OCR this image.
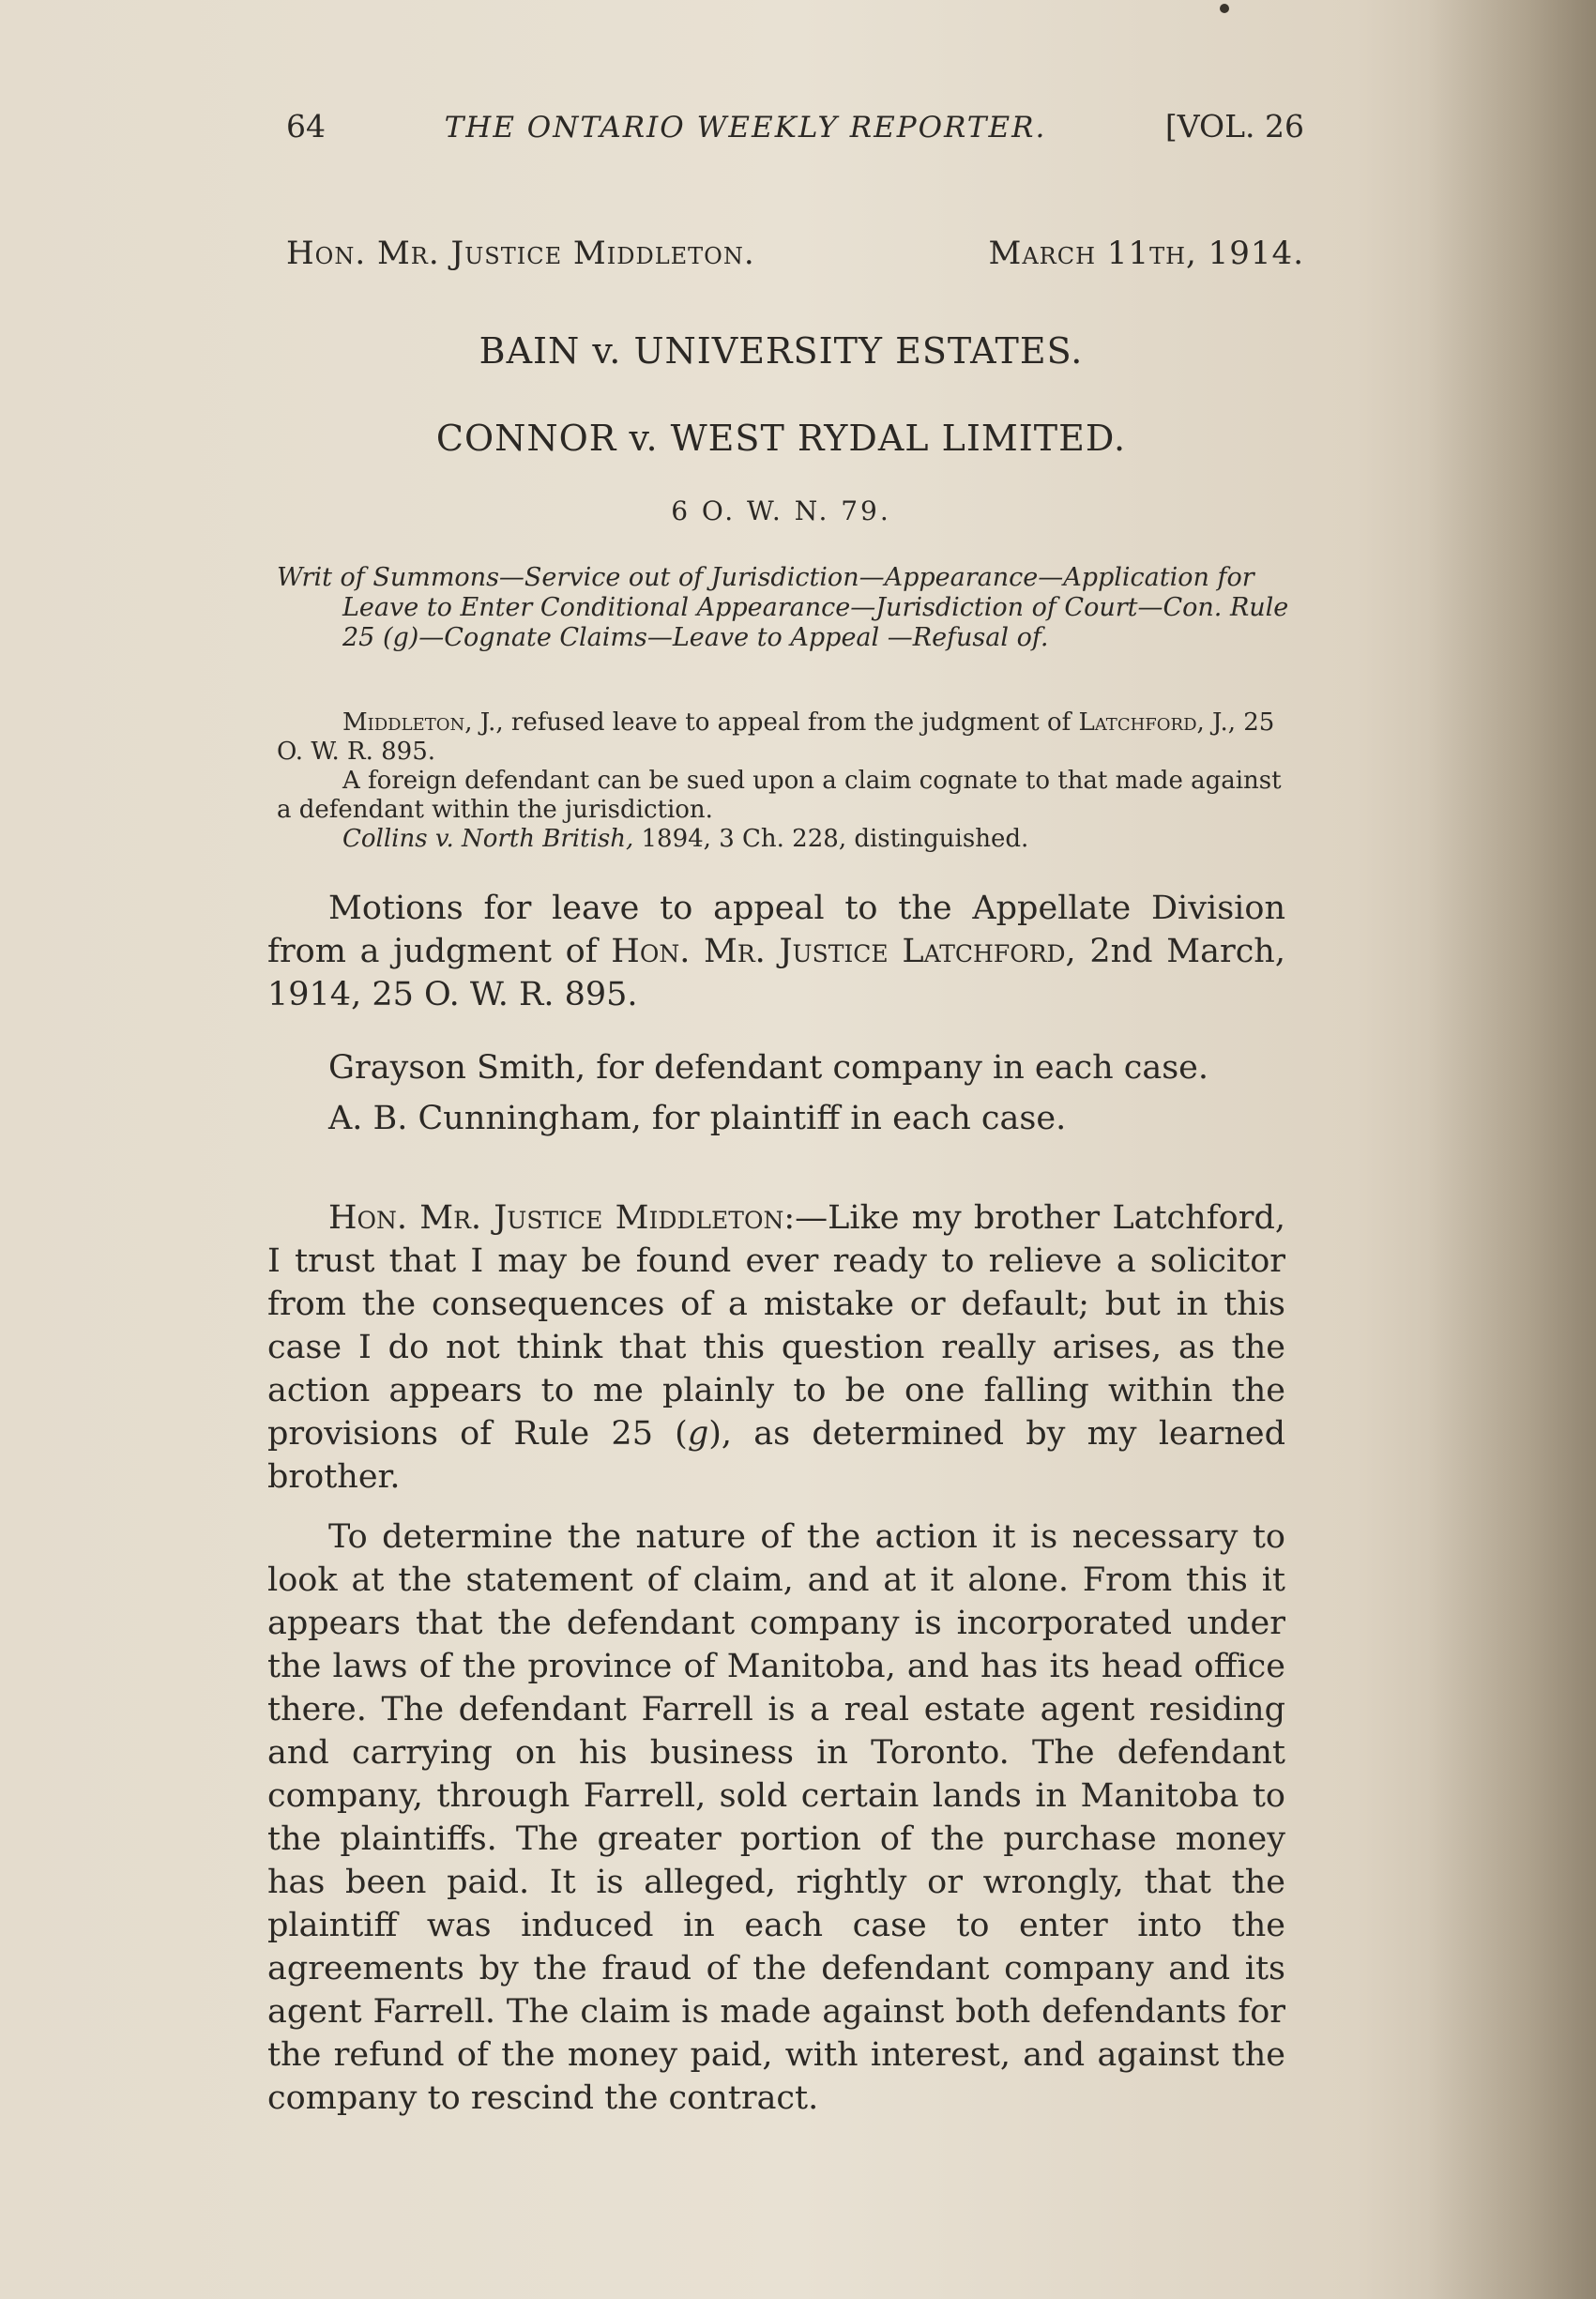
64	THE ONTARIO WEEKLY REPORTER.	[VOL. 26
Hon. Mr. Justice Middleton.	March 11th, 1914.
BAIN v. UNIVERSITY ESTATES.
CONNOR v. WEST RYDAL LIMITED.
6 O. W. N. 79.
Writ of Summons—Service out of Jurisdiction—Appearance—Application for Leave to Enter Conditional Appearance—Jurisdiction of Court—Con. Rule 25 (g)—Cognate Claims—Leave to Appeal —Refusal of.

Middleton, J., refused leave to appeal from the judgment of Latchford, J., 25 O. W. R. 895.

A foreign defendant can be sued upon a claim cognate to that made against a defendant within the jurisdiction.

Collins v. North British, 1894, 3 Ch. 228, distinguished.

Motions for leave to appeal to the Appellate Division from a judgment of Hon. Mr. Justice Latchford, 2nd March, 1914, 25 O. W. R. 895.

Grayson Smith, for defendant company in each case.

A. B. Cunningham, for plaintiff in each case.

Hon. Mr. Justice Middleton:—Like my brother Latchford, I trust that I may be found ever ready to relieve a solicitor from the consequences of a mistake or default; but in this case I do not think that this question really arises, as the action appears to me plainly to be one falling within the provisions of Rule 25 (g), as determined by my learned brother.

To determine the nature of the action it is necessary to look at the statement of claim, and at it alone. From this it appears that the defendant company is incorporated under the laws of the province of Manitoba, and has its head office there. The defendant Farrell is a real estate agent residing and carrying on his business in Toronto. The defendant company, through Farrell, sold certain lands in Manitoba to the plaintiffs. The greater portion of the purchase money has been paid. It is alleged, rightly or wrongly, that the plaintiff was induced in each case to enter into the agreements by the fraud of the defendant company and its agent Farrell. The claim is made against both defendants for the refund of the money paid, with interest, and against the company to rescind the contract.
